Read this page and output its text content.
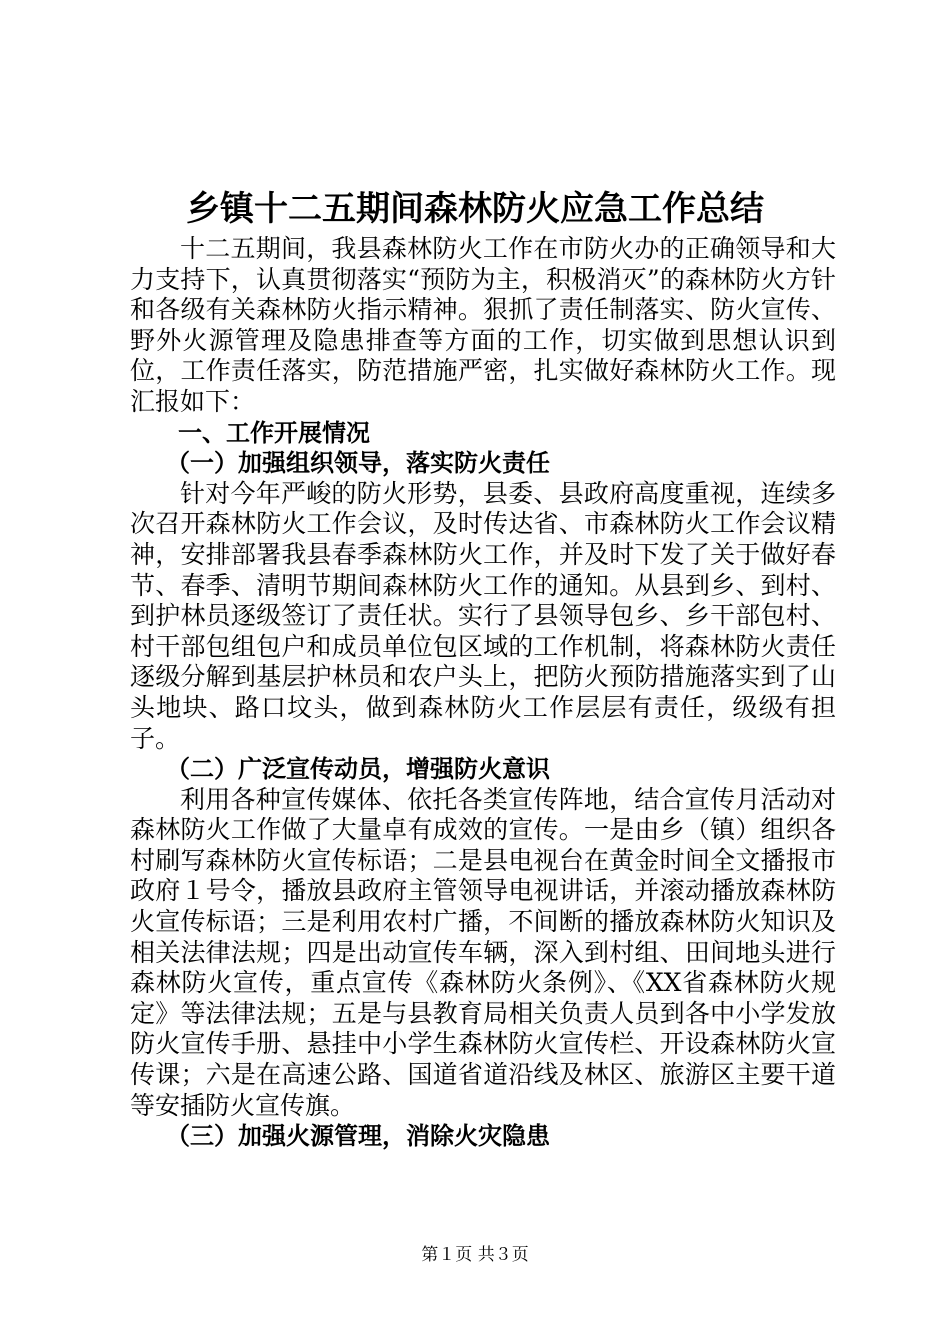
乡镇十二五期间森林防火应急工作总结

十二五期间，我县森林防火工作在市防火办的正确领导和大力支持下，认真贯彻落实“预防为主，积极消灭”的森林防火方针和各级有关森林防火指示精神。狠抓了责任制落实、防火宣传、野外火源管理及隐患排查等方面的工作，切实做到思想认识到位，工作责任落实，防范措施严密，扎实做好森林防火工作。现汇报如下：

一、工作开展情况
（一）加强组织领导，落实防火责任

针对今年严峻的防火形势，县委、县政府高度重视，连续多次召开森林防火工作会议，及时传达省、市森林防火工作会议精神，安排部署我县春季森林防火工作，并及时下发了关于做好春节、春季、清明节期间森林防火工作的通知。从县到乡、到村、到护林员逐级签订了责任状。实行了县领导包乡、乡干部包村、村干部包组包户和成员单位包区域的工作机制，将森林防火责任逐级分解到基层护林员和农户头上，把防火预防措施落实到了山头地块、路口坟头，做到森林防火工作层层有责任，级级有担子。

（二）广泛宣传动员，增强防火意识

利用各种宣传媒体、依托各类宣传阵地，结合宣传月活动对森林防火工作做了大量卓有成效的宣传。一是由乡（镇）组织各村刷写森林防火宣传标语；二是县电视台在黄金时间全文播报市政府１号令，播放县政府主管领导电视讲话，并滚动播放森林防火宣传标语；三是利用农村广播，不间断的播放森林防火知识及相关法律法规；四是出动宣传车辆，深入到村组、田间地头进行森林防火宣传，重点宣传《森林防火条例》、《XX省森林防火规定》等法律法规；五是与县教育局相关负责人员到各中小学发放防火宣传手册、悬挂中小学生森林防火宣传栏、开设森林防火宣传课；六是在高速公路、国道省道沿线及林区、旅游区主要干道等安插防火宣传旗。

（三）加强火源管理，消除火灾隐患
第１页 共３页
